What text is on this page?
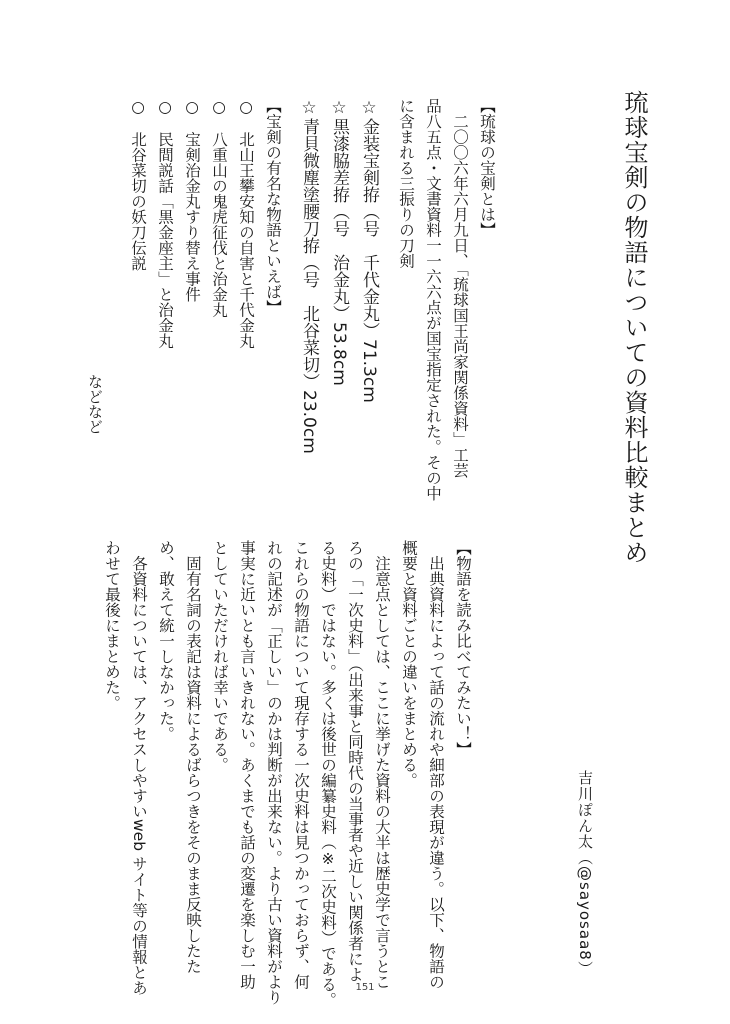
琉球宝剣の物語についての資料比較まとめ
【琉球の宝剣とは】
　二〇〇六年六月九日、「琉球国王尚家関係資料」工芸
品八五点・文書資料一一六六点が国宝指定された。その中
に含まれる三振りの刀剣
☆金装宝剣拵（号　千代金丸）71.3cm
☆黒漆脇差拵（号　治金丸）53.8cm
☆青貝微塵塗腰刀拵（号　北谷菜切）23.0cm
【宝剣の有名な物語といえば】
○　北山王攀安知の自害と千代金丸
○　八重山の鬼虎征伐と治金丸
○　宝剣治金丸すり替え事件
○　民間説話「黒金座主」と治金丸
○　北谷菜切の妖刀伝説
などなど
吉川ぽん太（@sayosaa8）
【物語を読み比べてみたい！】
　出典資料によって話の流れや細部の表現が違う。以下、物語の
概要と資料ごとの違いをまとめる。
　注意点としては、ここに挙げた資料の大半は歴史学で言うとこ
ろの「一次史料」（出来事と同時代の当事者や近しい関係者によ
る史料）ではない。多くは後世の編纂史料（※二次史料）である。
これらの物語について現存する一次史料は見つかっておらず、何
れの記述が「正しい」のかは判断が出来ない。より古い資料がより
事実に近いとも言いきれない。あくまでも話の変遷を楽しむ一助
としていただければ幸いである。
　固有名詞の表記は資料によるばらつきをそのまま反映したた
め、敢えて統一しなかった。
　各資料については、アクセスしやすいweb サイト等の情報とあ
わせて最後にまとめた。
151
